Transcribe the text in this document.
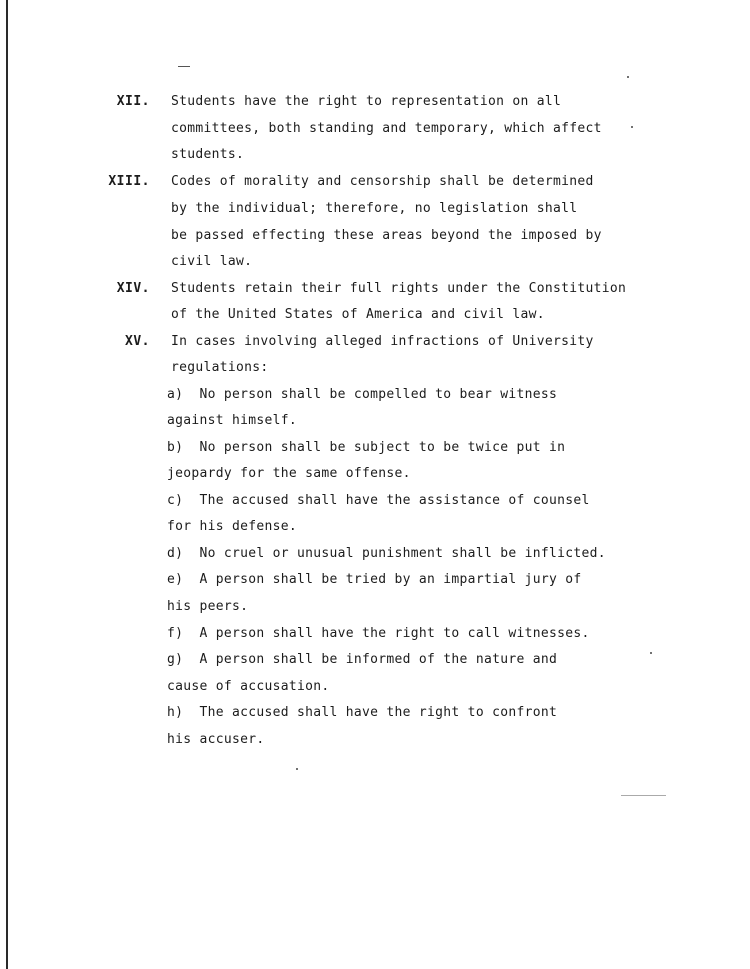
XII. Students have the right to representation on all
committees, both standing and temporary, which affect
students.
XIII. Codes of morality and censorship shall be determined
by the individual; therefore, no legislation shall
be passed effecting these areas beyond the imposed by
civil law.
XIV. Students retain their full rights under the Constitution
of the United States of America and civil law.
XV. In cases involving alleged infractions of University
regulations:
a)  No person shall be compelled to bear witness
against himself.
b)  No person shall be subject to be twice put in
jeopardy for the same offense.
c)  The accused shall have the assistance of counsel
for his defense.
d)  No cruel or unusual punishment shall be inflicted.
e)  A person shall be tried by an impartial jury of
his peers.
f)  A person shall have the right to call witnesses.
g)  A person shall be informed of the nature and
cause of accusation.
h)  The accused shall have the right to confront
his accuser.
